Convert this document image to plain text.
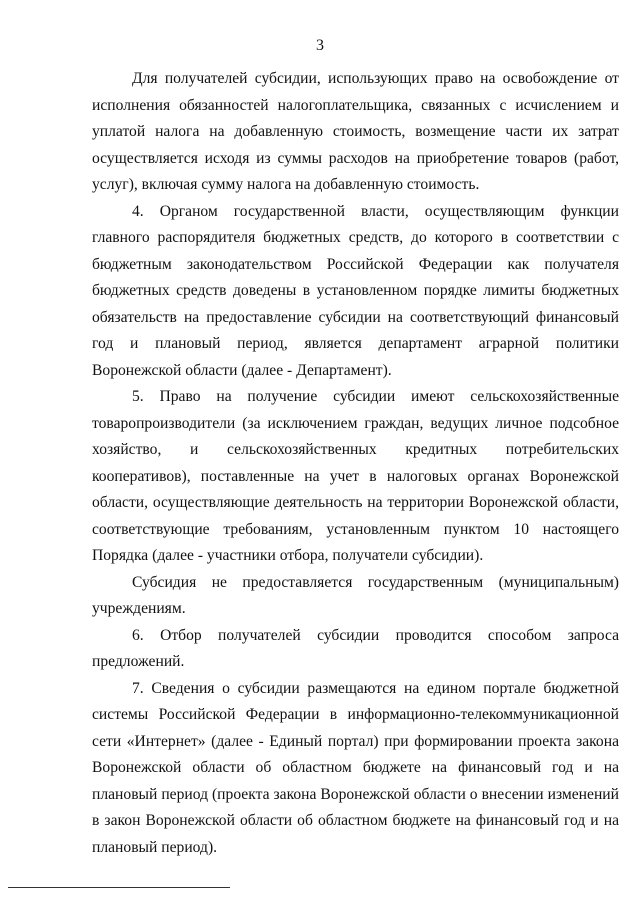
3

Для получателей субсидии, использующих право на освобождение от исполнения обязанностей налогоплательщика, связанных с исчислением и уплатой налога на добавленную стоимость, возмещение части их затрат осуществляется исходя из суммы расходов на приобретение товаров (работ, услуг), включая сумму налога на добавленную стоимость.

4. Органом государственной власти, осуществляющим функции главного распорядителя бюджетных средств, до которого в соответствии с бюджетным законодательством Российской Федерации как получателя бюджетных средств доведены в установленном порядке лимиты бюджетных обязательств на предоставление субсидии на соответствующий финансовый год и плановый период, является департамент аграрной политики Воронежской области (далее - Департамент).

5. Право на получение субсидии имеют сельскохозяйственные товаропроизводители (за исключением граждан, ведущих личное подсобное хозяйство, и сельскохозяйственных кредитных потребительских кооперативов), поставленные на учет в налоговых органах Воронежской области, осуществляющие деятельность на территории Воронежской области, соответствующие требованиям, установленным пунктом 10 настоящего Порядка (далее - участники отбора, получатели субсидии).

Субсидия не предоставляется государственным (муниципальным) учреждениям.

6. Отбор получателей субсидии проводится способом запроса предложений.

7. Сведения о субсидии размещаются на едином портале бюджетной системы Российской Федерации в информационно-телекоммуникационной сети «Интернет» (далее - Единый портал) при формировании проекта закона Воронежской области об областном бюджете на финансовый год и на плановый период (проекта закона Воронежской области о внесении изменений в закон Воронежской области об областном бюджете на финансовый год и на плановый период).
